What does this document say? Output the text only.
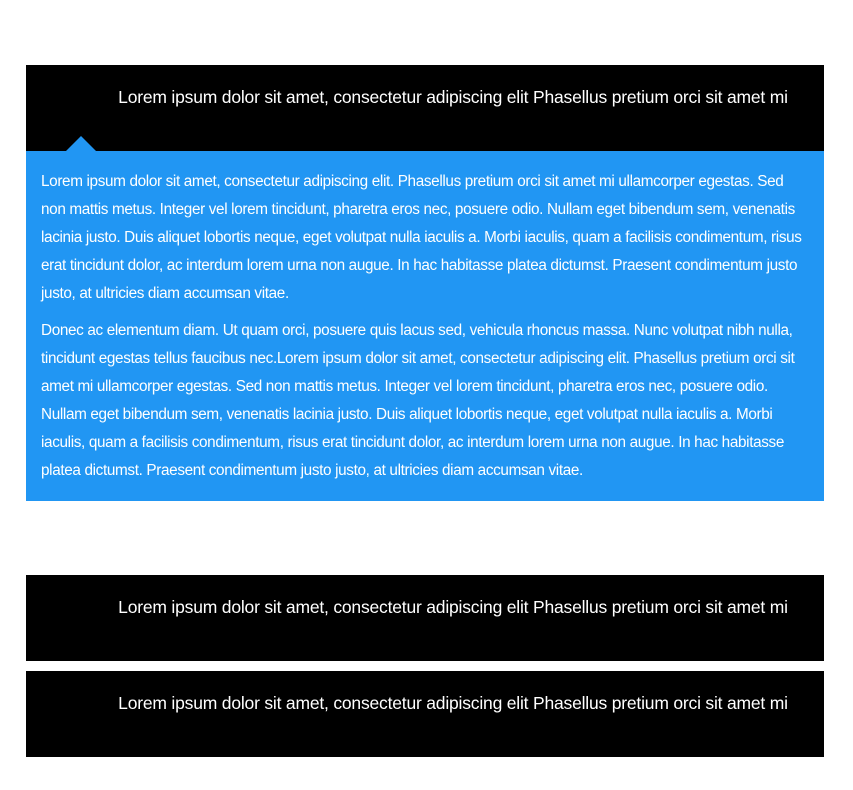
Lorem ipsum dolor sit amet, consectetur adipiscing elit Phasellus pretium orci sit amet mi

Lorem ipsum dolor sit amet, consectetur adipiscing elit. Phasellus pretium orci sit amet mi ullamcorper egestas. Sed non mattis metus. Integer vel lorem tincidunt, pharetra eros nec, posuere odio. Nullam eget bibendum sem, venenatis lacinia justo. Duis aliquet lobortis neque, eget volutpat nulla iaculis a. Morbi iaculis, quam a facilisis condimentum, risus erat tincidunt dolor, ac interdum lorem urna non augue. In hac habitasse platea dictumst. Praesent condimentum justo justo, at ultricies diam accumsan vitae.

Donec ac elementum diam. Ut quam orci, posuere quis lacus sed, vehicula rhoncus massa. Nunc volutpat nibh nulla, tincidunt egestas tellus faucibus nec.Lorem ipsum dolor sit amet, consectetur adipiscing elit. Phasellus pretium orci sit amet mi ullamcorper egestas. Sed non mattis metus. Integer vel lorem tincidunt, pharetra eros nec, posuere odio. Nullam eget bibendum sem, venenatis lacinia justo. Duis aliquet lobortis neque, eget volutpat nulla iaculis a. Morbi iaculis, quam a facilisis condimentum, risus erat tincidunt dolor, ac interdum lorem urna non augue. In hac habitasse platea dictumst. Praesent condimentum justo justo, at ultricies diam accumsan vitae.

Lorem ipsum dolor sit amet, consectetur adipiscing elit Phasellus pretium orci sit amet mi
Lorem ipsum dolor sit amet, consectetur adipiscing elit Phasellus pretium orci sit amet mi
